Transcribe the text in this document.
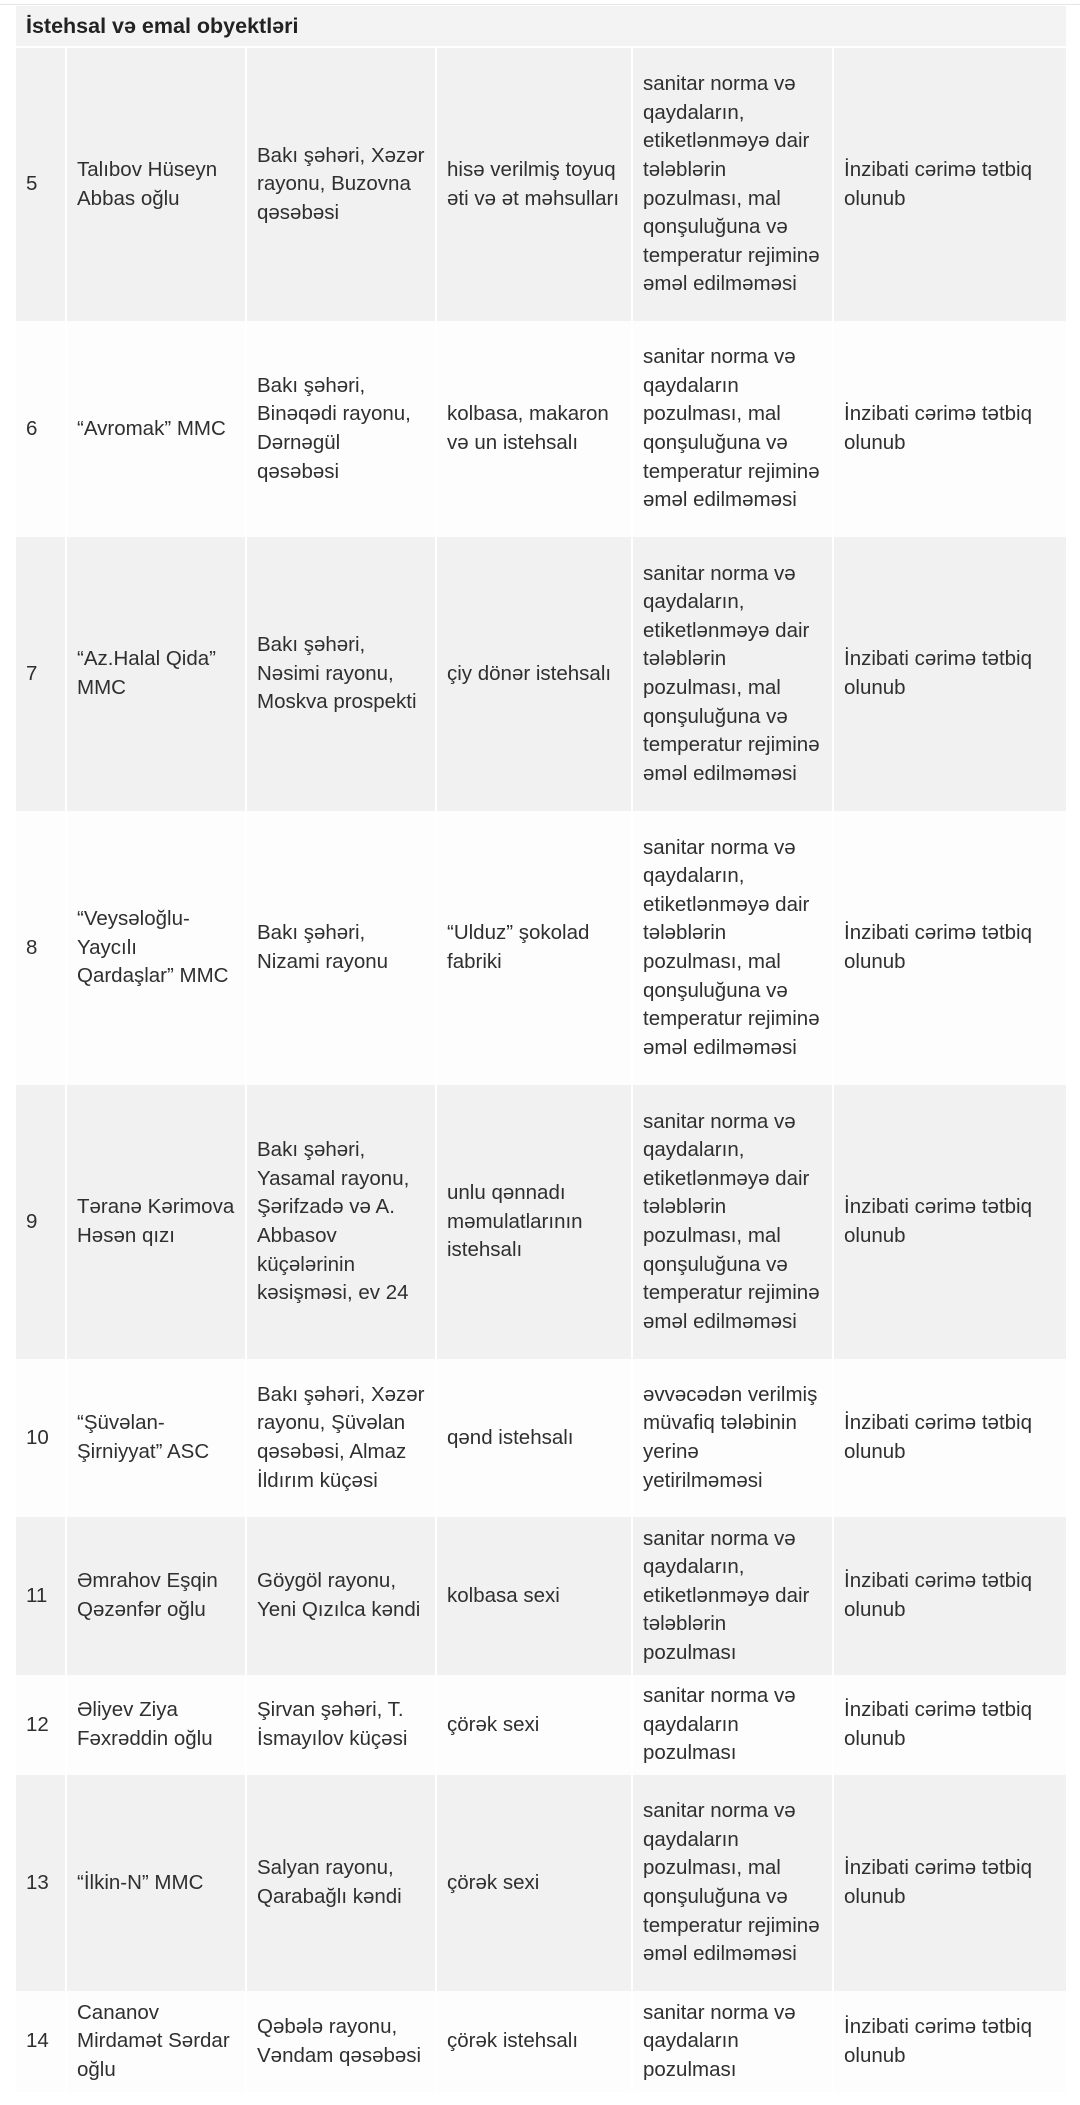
İstehsal və emal obyektləri					
5	Talıbov Hüseyn Abbas oğlu	Bakı şəhəri, Xəzər rayonu, Buzovna qəsəbəsi	hisə verilmiş toyuq əti və ət məhsulları	sanitar norma və qaydaların, etiketlənməyə dair tələblərin pozulması, mal qonşuluğuna və temperatur rejiminə əməl edilməməsi	İnzibati cərimə tətbiq olunub
6	“Avromak” MMC	Bakı şəhəri, Binəqədi rayonu, Dərnəgül qəsəbəsi	kolbasa, makaron və un istehsalı	sanitar norma və qaydaların pozulması, mal qonşuluğuna və temperatur rejiminə əməl edilməməsi	İnzibati cərimə tətbiq olunub
7	“Az.Halal Qida” MMC	Bakı şəhəri, Nəsimi rayonu, Moskva prospekti	çiy dönər istehsalı	sanitar norma və qaydaların, etiketlənməyə dair tələblərin pozulması, mal qonşuluğuna və temperatur rejiminə əməl edilməməsi	İnzibati cərimə tətbiq olunub
8	“Veysəloğlu-Yaycılı Qardaşlar” MMC	Bakı şəhəri, Nizami rayonu	“Ulduz” şokolad fabriki	sanitar norma və qaydaların, etiketlənməyə dair tələblərin pozulması, mal qonşuluğuna və temperatur rejiminə əməl edilməməsi	İnzibati cərimə tətbiq olunub
9	Təranə Kərimova Həsən qızı	Bakı şəhəri, Yasamal rayonu, Şərifzadə və A. Abbasov küçələrinin kəsişməsi, ev 24	unlu qənnadı məmulatlarının istehsalı	sanitar norma və qaydaların, etiketlənməyə dair tələblərin pozulması, mal qonşuluğuna və temperatur rejiminə əməl edilməməsi	İnzibati cərimə tətbiq olunub
10	“Şüvəlan-Şirniyyat” ASC	Bakı şəhəri, Xəzər rayonu, Şüvəlan qəsəbəsi, Almaz İldırım küçəsi	qənd istehsalı	əvvəcədən verilmiş müvafiq tələbinin yerinə yetirilməməsi	İnzibati cərimə tətbiq olunub
11	Əmrahov Eşqin Qəzənfər oğlu	Göygöl rayonu, Yeni Qızılca kəndi	kolbasa sexi	sanitar norma və qaydaların, etiketlənməyə dair tələblərin pozulması	İnzibati cərimə tətbiq olunub
12	Əliyev Ziya Fəxrəddin oğlu	Şirvan şəhəri, T. İsmayılov küçəsi	çörək sexi	sanitar norma və qaydaların pozulması	İnzibati cərimə tətbiq olunub
13	“İlkin-N” MMC	Salyan rayonu, Qarabağlı kəndi	çörək sexi	sanitar norma və qaydaların pozulması, mal qonşuluğuna və temperatur rejiminə əməl edilməməsi	İnzibati cərimə tətbiq olunub
14	Cananov Mirdamət Sərdar oğlu	Qəbələ rayonu, Vəndam qəsəbəsi	çörək istehsalı	sanitar norma və qaydaların pozulması	İnzibati cərimə tətbiq olunub
